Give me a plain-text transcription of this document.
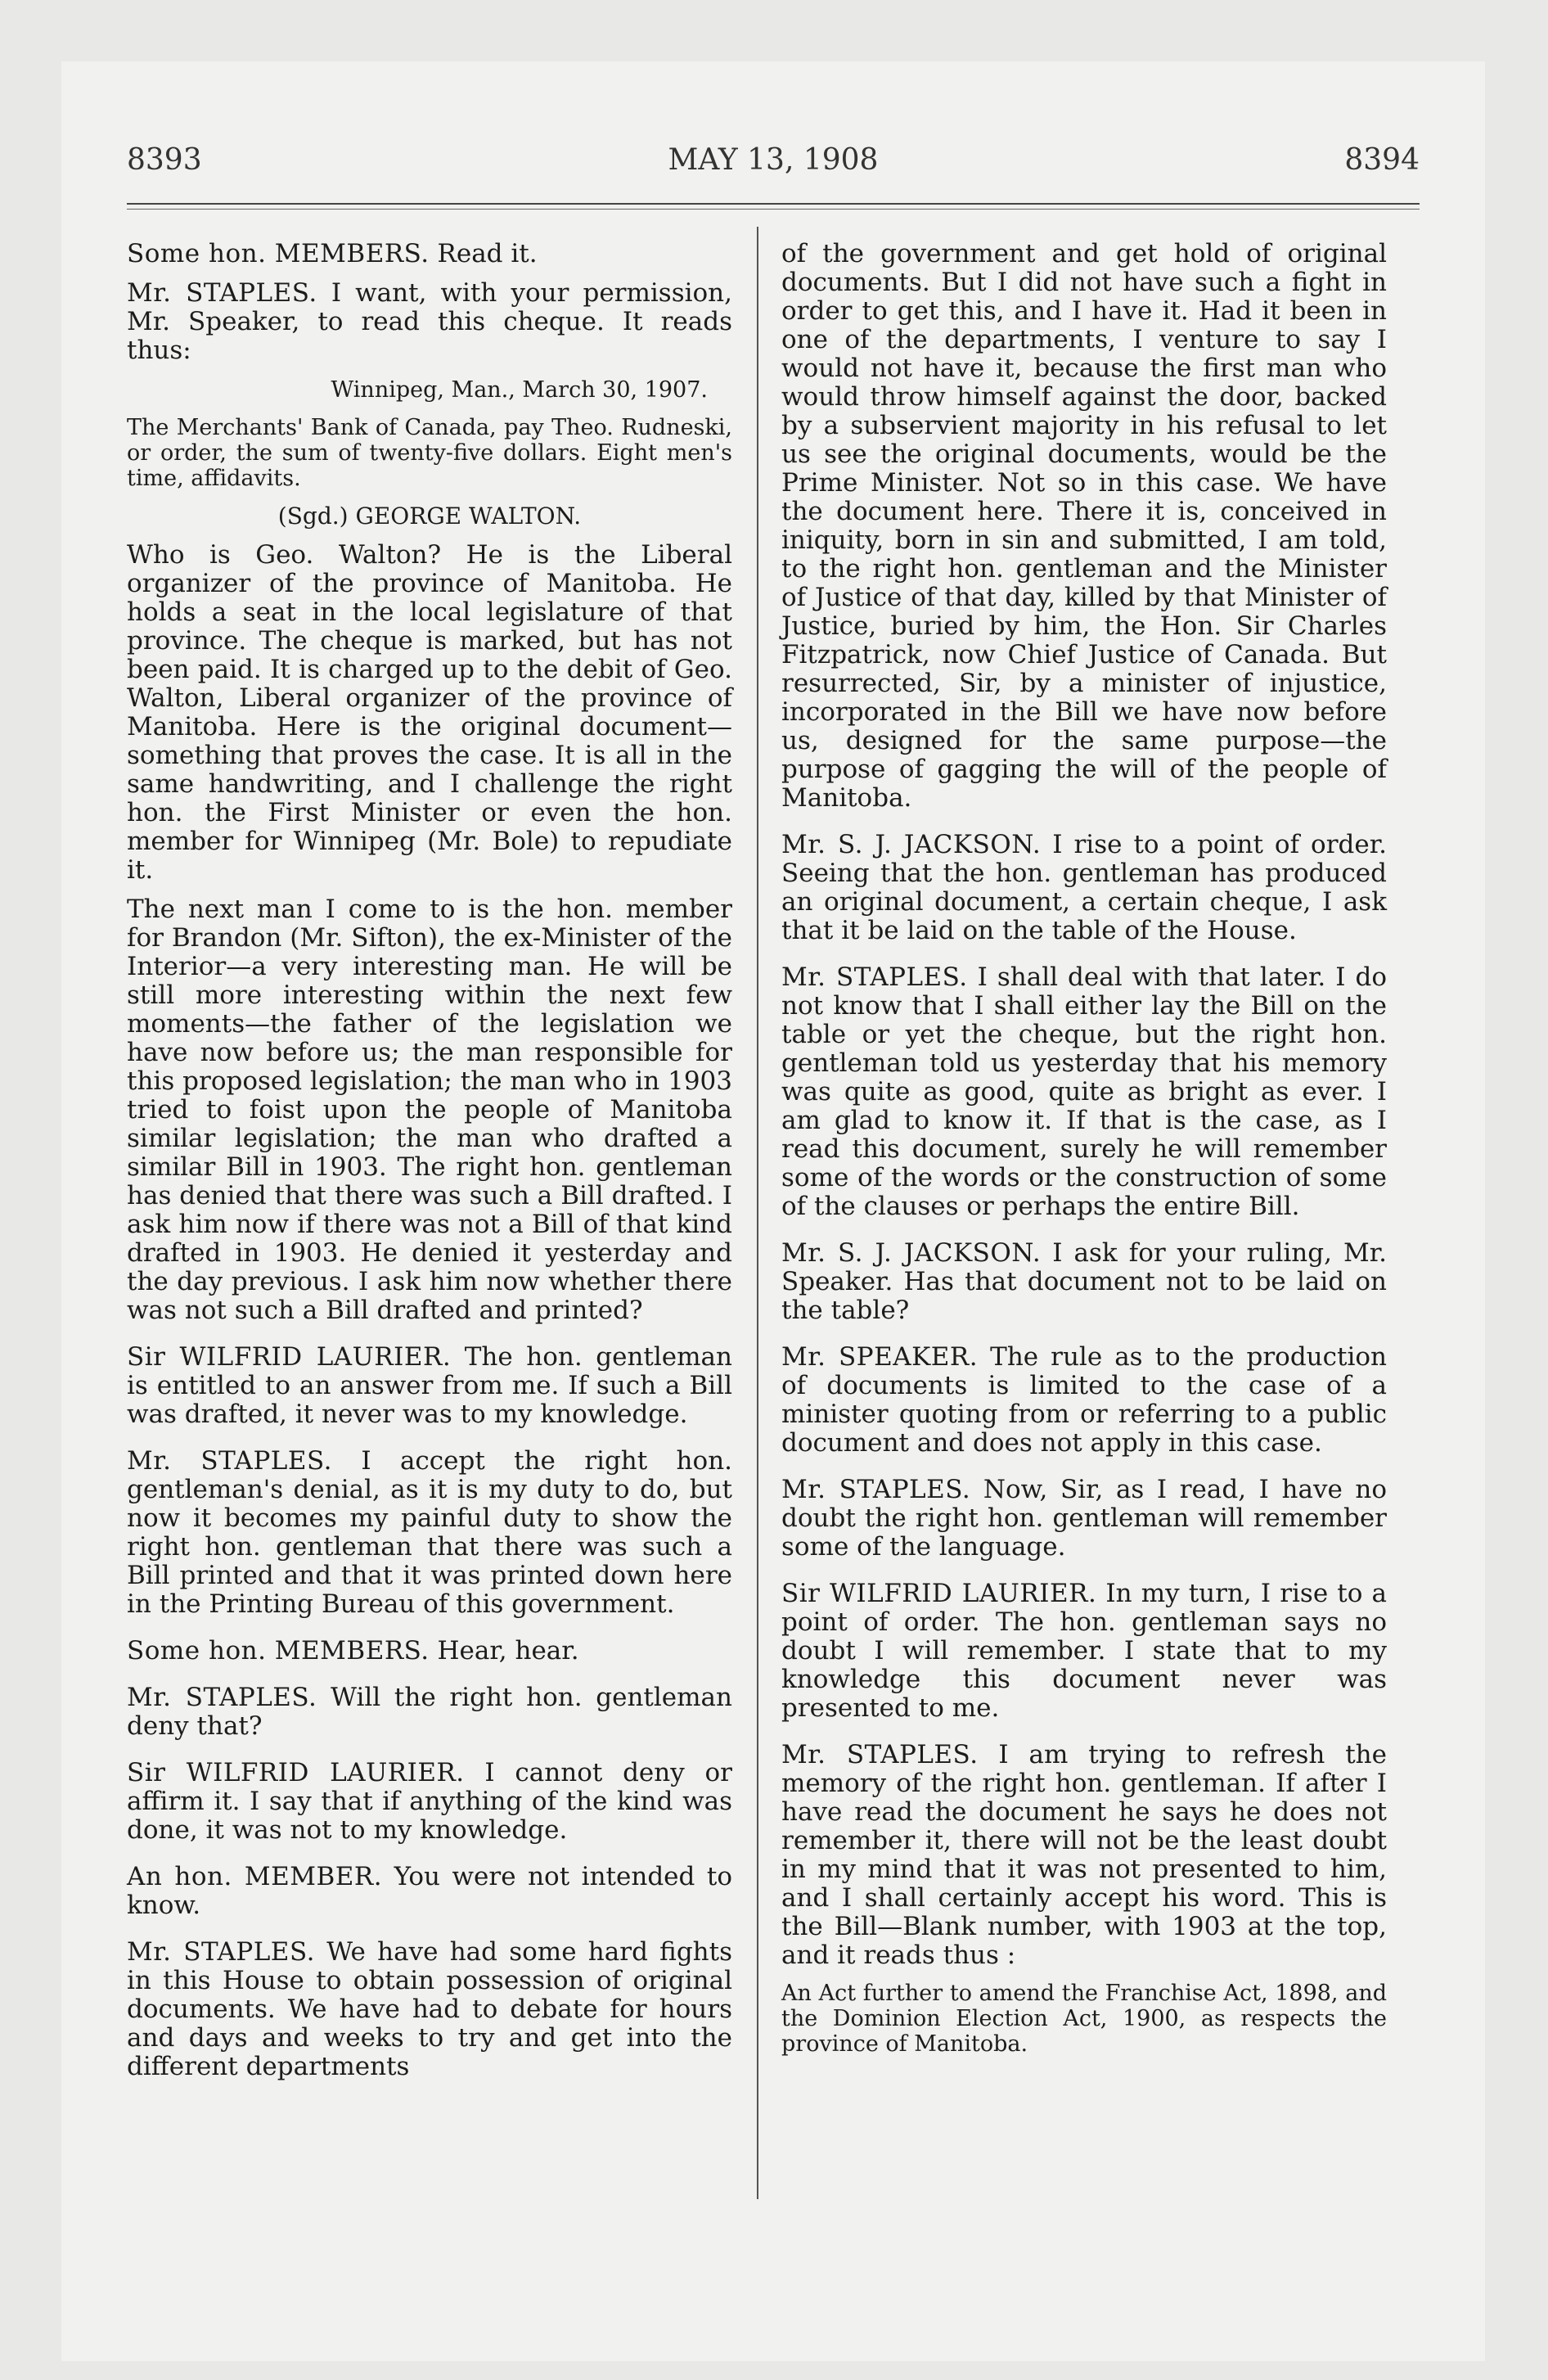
8393	MAY 13, 1908	8394

Some hon. MEMBERS. Read it.

Mr. STAPLES. I want, with your permission, Mr. Speaker, to read this cheque. It reads thus:

Winnipeg, Man., March 30, 1907.

The Merchants' Bank of Canada, pay Theo. Rudneski, or order, the sum of twenty-five dollars. Eight men's time, affidavits.

(Sgd.) GEORGE WALTON.

Who is Geo. Walton? He is the Liberal organizer of the province of Manitoba. He holds a seat in the local legislature of that province. The cheque is marked, but has not been paid. It is charged up to the debit of Geo. Walton, Liberal organizer of the province of Manitoba. Here is the original document— something that proves the case. It is all in the same handwriting, and I challenge the right hon. the First Minister or even the hon. member for Winnipeg (Mr. Bole) to repudiate it.

The next man I come to is the hon. member for Brandon (Mr. Sifton), the ex-Minister of the Interior—a very interesting man. He will be still more interesting within the next few moments—the father of the legislation we have now before us; the man responsible for this proposed legislation; the man who in 1903 tried to foist upon the people of Manitoba similar legislation; the man who drafted a similar Bill in 1903. The right hon. gentleman has denied that there was such a Bill drafted. I ask him now if there was not a Bill of that kind drafted in 1903. He denied it yesterday and the day previous. I ask him now whether there was not such a Bill drafted and printed?

Sir WILFRID LAURIER. The hon. gentleman is entitled to an answer from me. If such a Bill was drafted, it never was to my knowledge.

Mr. STAPLES. I accept the right hon. gentleman's denial, as it is my duty to do, but now it becomes my painful duty to show the right hon. gentleman that there was such a Bill printed and that it was printed down here in the Printing Bureau of this government.

Some hon. MEMBERS. Hear, hear.

Mr. STAPLES. Will the right hon. gentleman deny that?

Sir WILFRID LAURIER. I cannot deny or affirm it. I say that if anything of the kind was done, it was not to my knowledge.

An hon. MEMBER. You were not intended to know.

Mr. STAPLES. We have had some hard fights in this House to obtain possession of original documents. We have had to debate for hours and days and weeks to try and get into the different departments

of the government and get hold of original documents. But I did not have such a fight in order to get this, and I have it. Had it been in one of the departments, I venture to say I would not have it, because the first man who would throw himself against the door, backed by a subservient majority in his refusal to let us see the original documents, would be the Prime Minister. Not so in this case. We have the document here. There it is, conceived in iniquity, born in sin and submitted, I am told, to the right hon. gentleman and the Minister of Justice of that day, killed by that Minister of Justice, buried by him, the Hon. Sir Charles Fitzpatrick, now Chief Justice of Canada. But resurrected, Sir, by a minister of injustice, incorporated in the Bill we have now before us, designed for the same purpose—the purpose of gagging the will of the people of Manitoba.

Mr. S. J. JACKSON. I rise to a point of order. Seeing that the hon. gentleman has produced an original document, a certain cheque, I ask that it be laid on the table of the House.

Mr. STAPLES. I shall deal with that later. I do not know that I shall either lay the Bill on the table or yet the cheque, but the right hon. gentleman told us yesterday that his memory was quite as good, quite as bright as ever. I am glad to know it. If that is the case, as I read this document, surely he will remember some of the words or the construction of some of the clauses or perhaps the entire Bill.

Mr. S. J. JACKSON. I ask for your ruling, Mr. Speaker. Has that document not to be laid on the table?

Mr. SPEAKER. The rule as to the production of documents is limited to the case of a minister quoting from or referring to a public document and does not apply in this case.

Mr. STAPLES. Now, Sir, as I read, I have no doubt the right hon. gentleman will remember some of the language.

Sir WILFRID LAURIER. In my turn, I rise to a point of order. The hon. gentleman says no doubt I will remember. I state that to my knowledge this document never was presented to me.

Mr. STAPLES. I am trying to refresh the memory of the right hon. gentleman. If after I have read the document he says he does not remember it, there will not be the least doubt in my mind that it was not presented to him, and I shall certainly accept his word. This is the Bill—Blank number, with 1903 at the top, and it reads thus :

An Act further to amend the Franchise Act, 1898, and the Dominion Election Act, 1900, as respects the province of Manitoba.
